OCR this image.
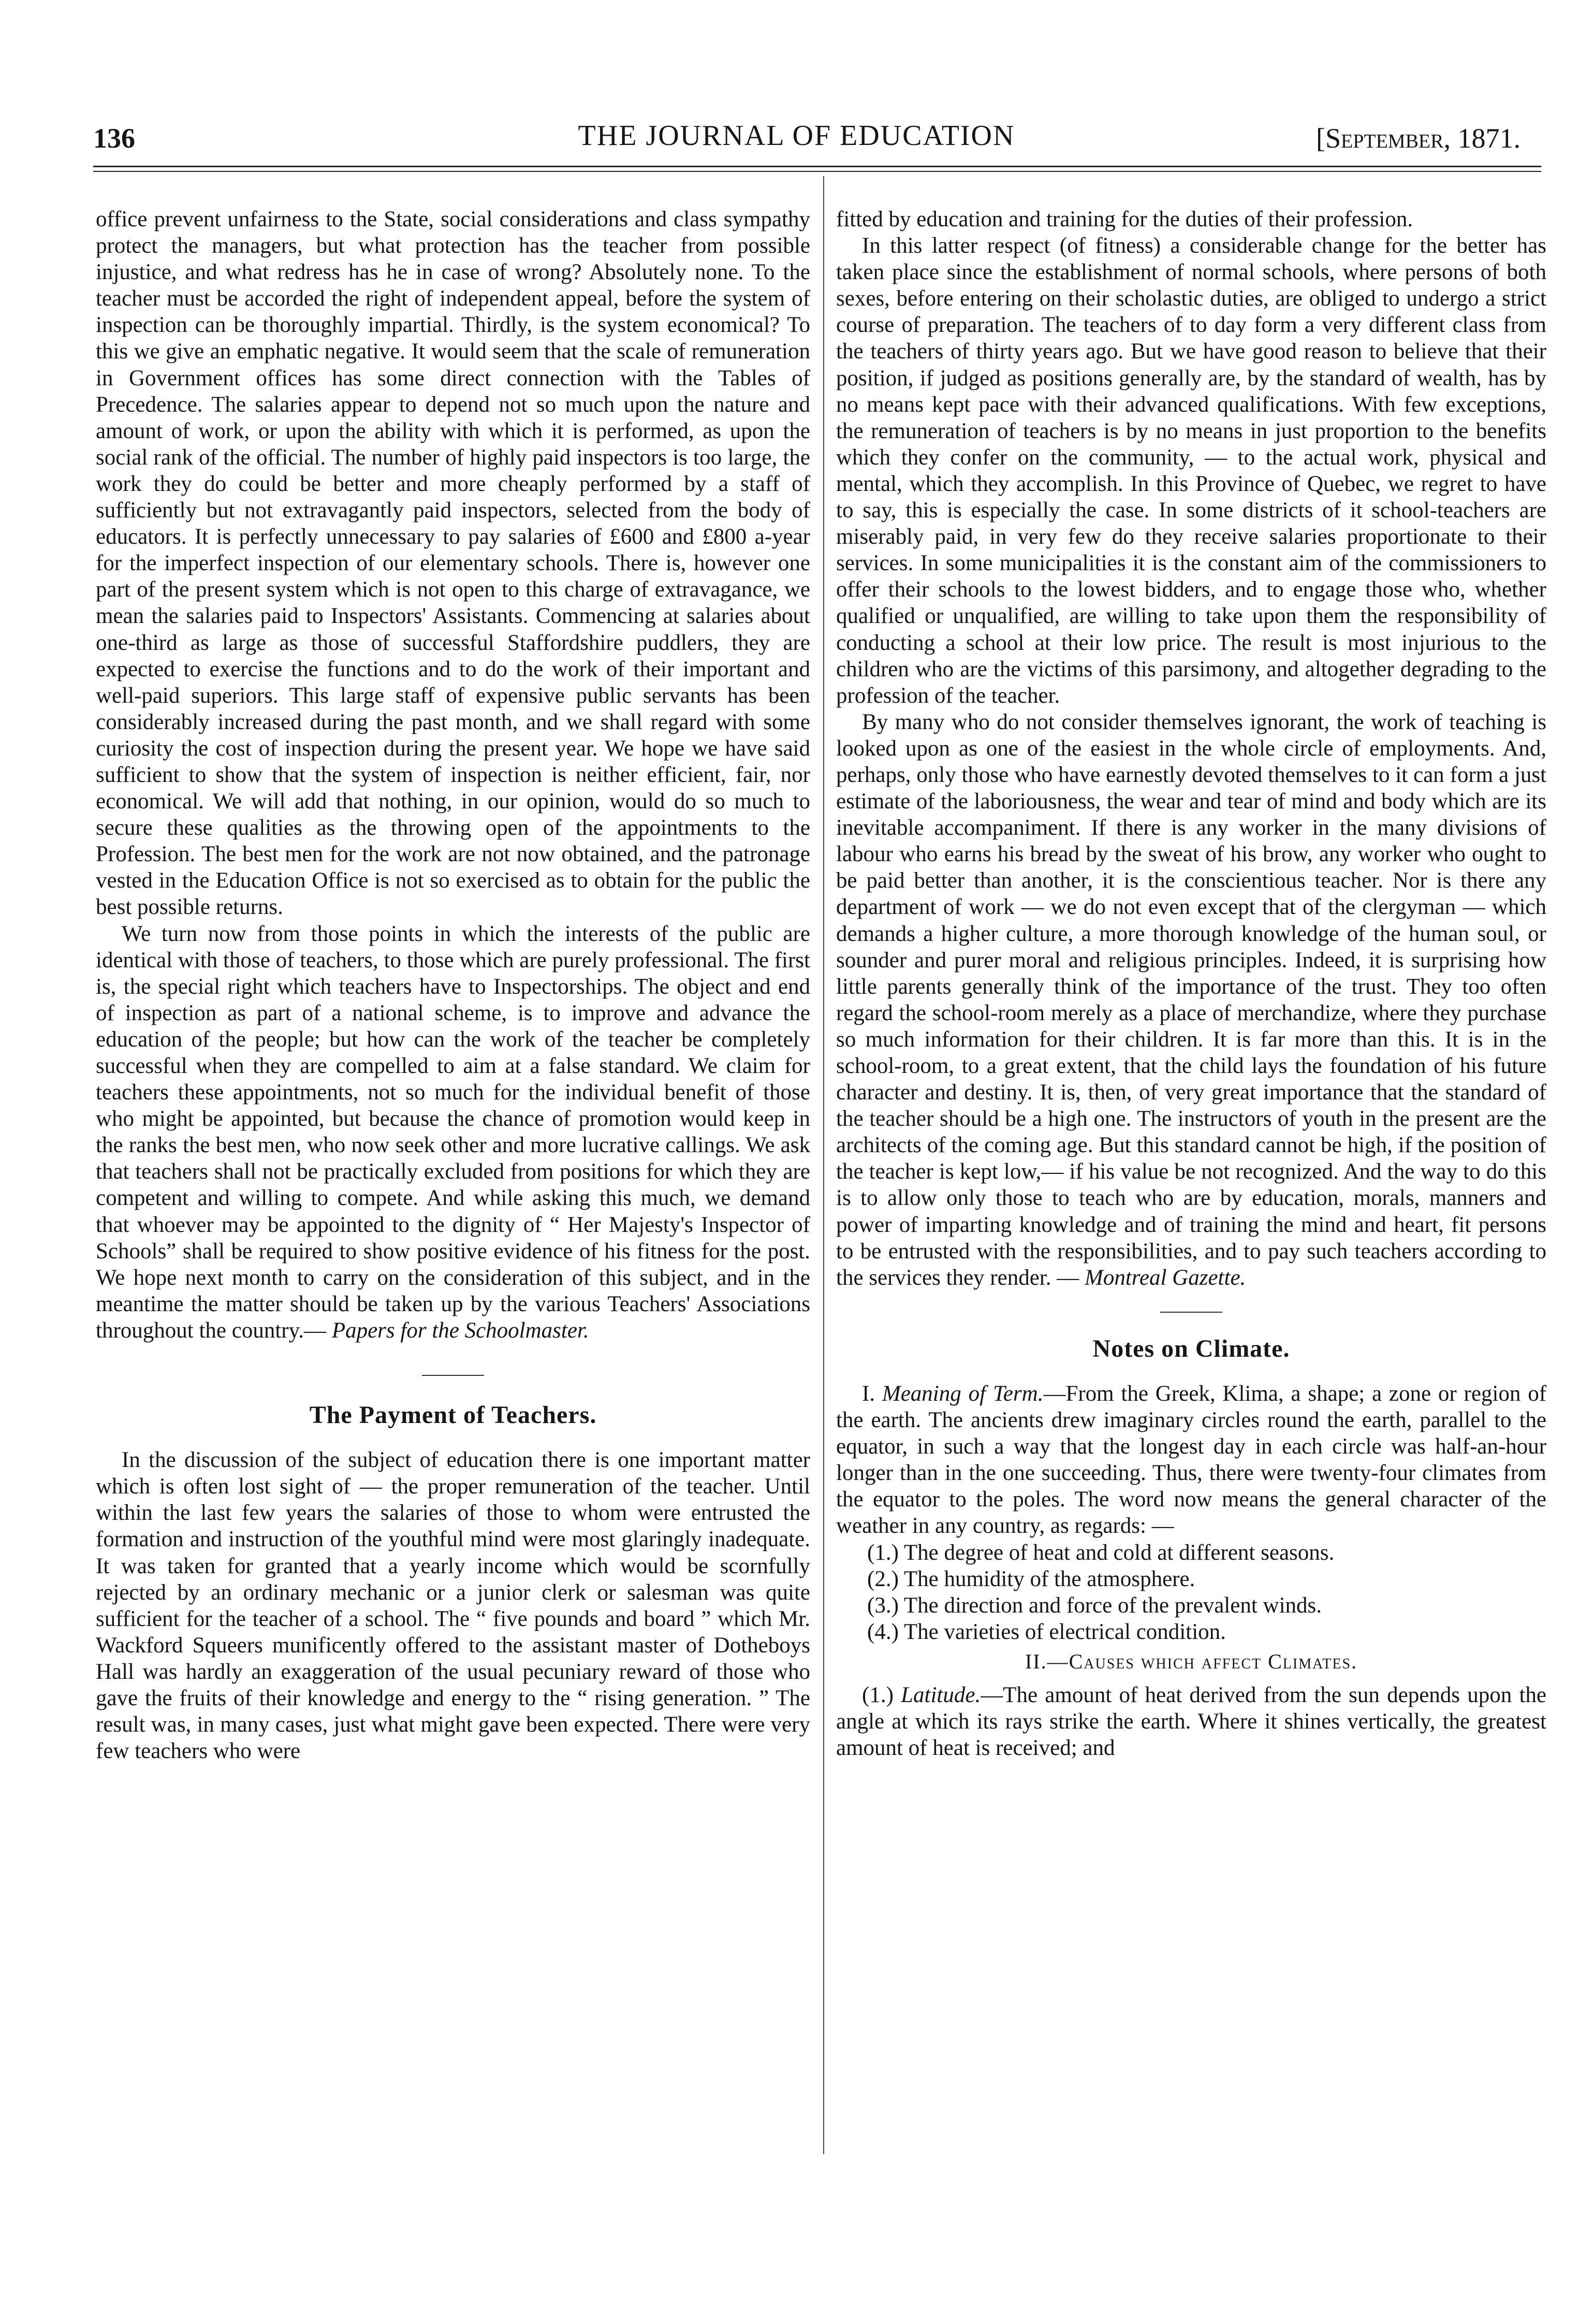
136	THE JOURNAL OF EDUCATION	[September, 1871.

office prevent unfairness to the State, social considerations and class sympathy protect the managers, but what protection has the teacher from possible injustice, and what redress has he in case of wrong? Absolutely none. To the teacher must be accorded the right of independent appeal, before the system of inspection can be thoroughly impartial. Thirdly, is the system economical? To this we give an emphatic negative. It would seem that the scale of remuneration in Government offices has some direct connection with the Tables of Precedence. The salaries appear to depend not so much upon the nature and amount of work, or upon the ability with which it is performed, as upon the social rank of the official. The number of highly paid inspectors is too large, the work they do could be better and more cheaply performed by a staff of sufficiently but not extravagantly paid inspectors, selected from the body of educators. It is perfectly unnecessary to pay salaries of £600 and £800 a-year for the imperfect inspection of our elementary schools. There is, however one part of the present system which is not open to this charge of extravagance, we mean the salaries paid to Inspectors' Assistants. Commencing at salaries about one-third as large as those of successful Staffordshire puddlers, they are expected to exercise the functions and to do the work of their important and well-paid superiors. This large staff of expensive public servants has been considerably increased during the past month, and we shall regard with some curiosity the cost of inspection during the present year. We hope we have said sufficient to show that the system of inspection is neither efficient, fair, nor economical. We will add that nothing, in our opinion, would do so much to secure these qualities as the throwing open of the appointments to the Profession. The best men for the work are not now obtained, and the patronage vested in the Education Office is not so exercised as to obtain for the public the best possible returns.

We turn now from those points in which the interests of the public are identical with those of teachers, to those which are purely professional. The first is, the special right which teachers have to Inspectorships. The object and end of inspection as part of a national scheme, is to improve and advance the education of the people; but how can the work of the teacher be completely successful when they are compelled to aim at a false standard. We claim for teachers these appointments, not so much for the individual benefit of those who might be appointed, but because the chance of promotion would keep in the ranks the best men, who now seek other and more lucrative callings. We ask that teachers shall not be practically excluded from positions for which they are competent and willing to compete. And while asking this much, we demand that whoever may be appointed to the dignity of “ Her Majesty's Inspector of Schools” shall be required to show positive evidence of his fitness for the post. We hope next month to carry on the consideration of this subject, and in the meantime the matter should be taken up by the various Teachers' Associations throughout the country.— Papers for the Schoolmaster.

The Payment of Teachers.

In the discussion of the subject of education there is one important matter which is often lost sight of — the proper remuneration of the teacher. Until within the last few years the salaries of those to whom were entrusted the formation and instruction of the youthful mind were most glaringly inadequate. It was taken for granted that a yearly income which would be scornfully rejected by an ordinary mechanic or a junior clerk or salesman was quite sufficient for the teacher of a school. The “ five pounds and board ” which Mr. Wackford Squeers munificently offered to the assistant master of Dotheboys Hall was hardly an exaggeration of the usual pecuniary reward of those who gave the fruits of their knowledge and energy to the “ rising generation. ” The result was, in many cases, just what might gave been expected. There were very few teachers who were

fitted by education and training for the duties of their profession.

In this latter respect (of fitness) a considerable change for the better has taken place since the establishment of normal schools, where persons of both sexes, before entering on their scholastic duties, are obliged to undergo a strict course of preparation. The teachers of to day form a very different class from the teachers of thirty years ago. But we have good reason to believe that their position, if judged as positions generally are, by the standard of wealth, has by no means kept pace with their advanced qualifications. With few exceptions, the remuneration of teachers is by no means in just proportion to the benefits which they confer on the community, — to the actual work, physical and mental, which they accomplish. In this Province of Quebec, we regret to have to say, this is especially the case. In some districts of it school-teachers are miserably paid, in very few do they receive salaries proportionate to their services. In some municipalities it is the constant aim of the commissioners to offer their schools to the lowest bidders, and to engage those who, whether qualified or unqualified, are willing to take upon them the responsibility of conducting a school at their low price. The result is most injurious to the children who are the victims of this parsimony, and altogether degrading to the profession of the teacher.

By many who do not consider themselves ignorant, the work of teaching is looked upon as one of the easiest in the whole circle of employments. And, perhaps, only those who have earnestly devoted themselves to it can form a just estimate of the laboriousness, the wear and tear of mind and body which are its inevitable accompaniment. If there is any worker in the many divisions of labour who earns his bread by the sweat of his brow, any worker who ought to be paid better than another, it is the conscientious teacher. Nor is there any department of work — we do not even except that of the clergyman — which demands a higher culture, a more thorough knowledge of the human soul, or sounder and purer moral and religious principles. Indeed, it is surprising how little parents generally think of the importance of the trust. They too often regard the school-room merely as a place of merchandize, where they purchase so much information for their children. It is far more than this. It is in the school-room, to a great extent, that the child lays the foundation of his future character and destiny. It is, then, of very great importance that the standard of the teacher should be a high one. The instructors of youth in the present are the architects of the coming age. But this standard cannot be high, if the position of the teacher is kept low,— if his value be not recognized. And the way to do this is to allow only those to teach who are by education, morals, manners and power of imparting knowledge and of training the mind and heart, fit persons to be entrusted with the responsibilities, and to pay such teachers according to the services they render. — Montreal Gazette.

Notes on Climate.

I. Meaning of Term.—From the Greek, Klima, a shape; a zone or region of the earth. The ancients drew imaginary circles round the earth, parallel to the equator, in such a way that the longest day in each circle was half-an-hour longer than in the one succeeding. Thus, there were twenty-four climates from the equator to the poles. The word now means the general character of the weather in any country, as regards: —

(1.) The degree of heat and cold at different seasons.
(2.) The humidity of the atmosphere.
(3.) The direction and force of the prevalent winds.
(4.) The varieties of electrical condition.
II.—Causes which affect Climates.

(1.) Latitude.—The amount of heat derived from the sun depends upon the angle at which its rays strike the earth. Where it shines vertically, the greatest amount of heat is received; and
